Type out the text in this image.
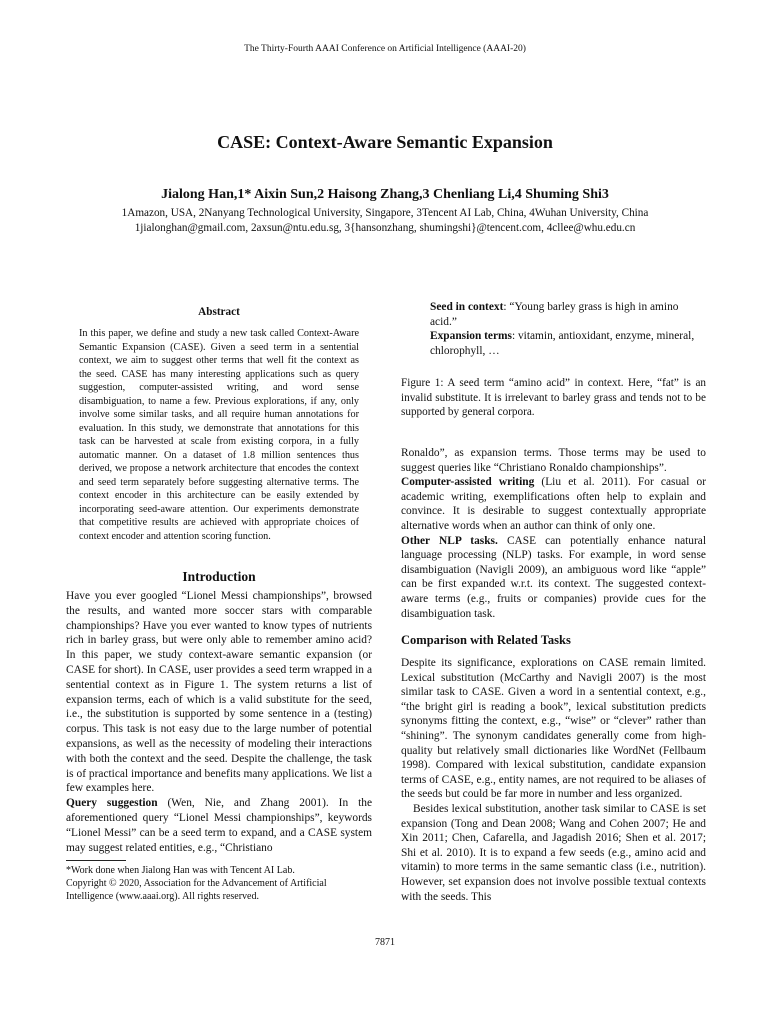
The Thirty-Fourth AAAI Conference on Artificial Intelligence (AAAI-20)
CASE: Context-Aware Semantic Expansion
Jialong Han,1* Aixin Sun,2 Haisong Zhang,3 Chenliang Li,4 Shuming Shi3
1Amazon, USA, 2Nanyang Technological University, Singapore, 3Tencent AI Lab, China, 4Wuhan University, China
1jialonghan@gmail.com, 2axsun@ntu.edu.sg, 3{hansonzhang, shumingshi}@tencent.com, 4cllee@whu.edu.cn
Abstract
In this paper, we define and study a new task called Context-Aware Semantic Expansion (CASE). Given a seed term in a sentential context, we aim to suggest other terms that well fit the context as the seed. CASE has many interesting applications such as query suggestion, computer-assisted writing, and word sense disambiguation, to name a few. Previous explorations, if any, only involve some similar tasks, and all require human annotations for evaluation. In this study, we demonstrate that annotations for this task can be harvested at scale from existing corpora, in a fully automatic manner. On a dataset of 1.8 million sentences thus derived, we propose a network architecture that encodes the context and seed term separately before suggesting alternative terms. The context encoder in this architecture can be easily extended by incorporating seed-aware attention. Our experiments demonstrate that competitive results are achieved with appropriate choices of context encoder and attention scoring function.
Introduction

Have you ever googled “Lionel Messi championships”, browsed the results, and wanted more soccer stars with comparable championships? Have you ever wanted to know types of nutrients rich in barley grass, but were only able to remember amino acid? In this paper, we study context-aware semantic expansion (or CASE for short). In CASE, user provides a seed term wrapped in a sentential context as in Figure 1. The system returns a list of expansion terms, each of which is a valid substitute for the seed, i.e., the substitution is supported by some sentence in a (testing) corpus. This task is not easy due to the large number of potential expansions, as well as the necessity of modeling their interactions with both the context and the seed. Despite the challenge, the task is of practical importance and benefits many applications. We list a few examples here.

Query suggestion (Wen, Nie, and Zhang 2001). In the aforementioned query “Lionel Messi championships”, keywords “Lionel Messi” can be a seed term to expand, and a CASE system may suggest related entities, e.g., “Christiano

*Work done when Jialong Han was with Tencent AI Lab.

Copyright © 2020, Association for the Advancement of Artificial Intelligence (www.aaai.org). All rights reserved.

Seed in context: “Young barley grass is high in amino acid.”

Expansion terms: vitamin, antioxidant, enzyme, mineral, chlorophyll, …

Figure 1: A seed term “amino acid” in context. Here, “fat” is an invalid substitute. It is irrelevant to barley grass and tends not to be supported by general corpora.

Ronaldo”, as expansion terms. Those terms may be used to suggest queries like “Christiano Ronaldo championships”.

Computer-assisted writing (Liu et al. 2011). For casual or academic writing, exemplifications often help to explain and convince. It is desirable to suggest contextually appropriate alternative words when an author can think of only one.

Other NLP tasks. CASE can potentially enhance natural language processing (NLP) tasks. For example, in word sense disambiguation (Navigli 2009), an ambiguous word like “apple” can be first expanded w.r.t. its context. The suggested context-aware terms (e.g., fruits or companies) provide cues for the disambiguation task.

Comparison with Related Tasks

Despite its significance, explorations on CASE remain limited. Lexical substitution (McCarthy and Navigli 2007) is the most similar task to CASE. Given a word in a sentential context, e.g., “the bright girl is reading a book”, lexical substitution predicts synonyms fitting the context, e.g., “wise” or “clever” rather than “shining”. The synonym candidates generally come from high-quality but relatively small dictionaries like WordNet (Fellbaum 1998). Compared with lexical substitution, candidate expansion terms of CASE, e.g., entity names, are not required to be aliases of the seeds but could be far more in number and less organized.

Besides lexical substitution, another task similar to CASE is set expansion (Tong and Dean 2008; Wang and Cohen 2007; He and Xin 2011; Chen, Cafarella, and Jagadish 2016; Shen et al. 2017; Shi et al. 2010). It is to expand a few seeds (e.g., amino acid and vitamin) to more terms in the same semantic class (i.e., nutrition). However, set expansion does not involve possible textual contexts with the seeds. This

7871
